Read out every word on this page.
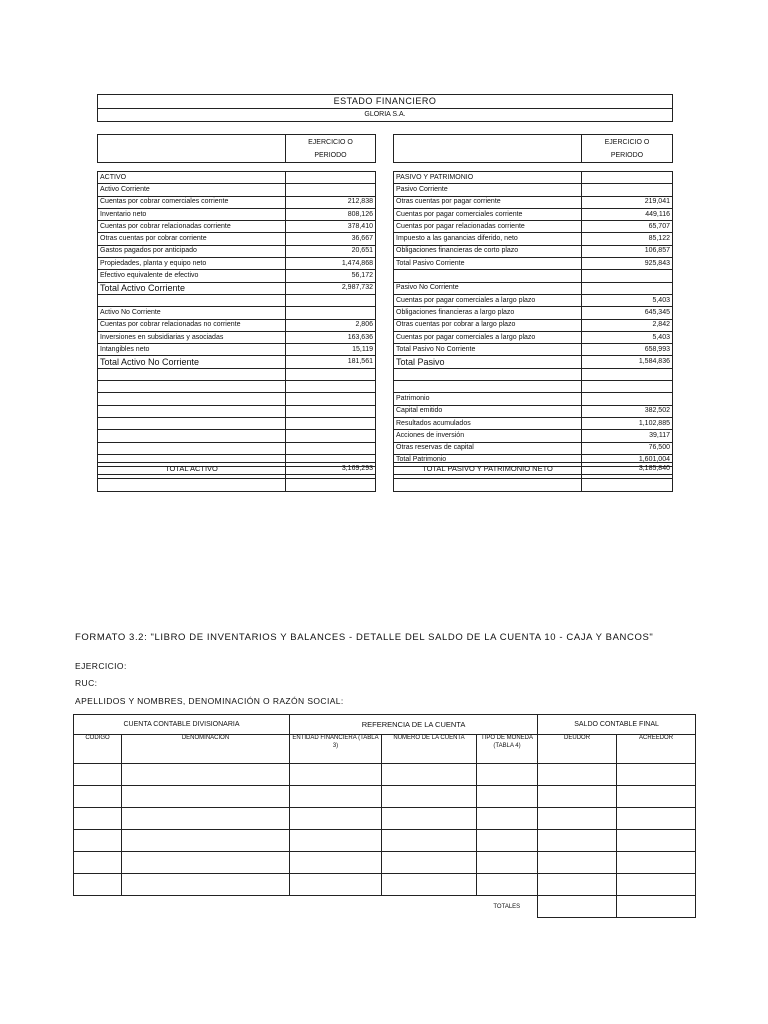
ESTADO FINANCIERO
GLORIA S.A.
	EJERCICIO O
PERIODO
	EJERCICIO O
PERIODO
ACTIVO	
Activo Corriente	
Cuentas por cobrar comerciales corriente	212,838
Inventario neto	808,126
Cuentas por cobrar relacionadas corriente	378,410
Otras cuentas por cobrar corriente	36,667
Gastos pagados por anticipado	20,651
Propiedades, planta y equipo neto	1,474,868
Efectivo equivalente de efectivo	56,172
Total Activo Corriente	2,987,732

Activo No Corriente	
Cuentas por cobrar relacionadas no corriente	2,806
Inversiones en subsidiarias y asociadas	163,636
Intangibles neto	15,119
Total Activo No Corriente	181,561

PASIVO Y PATRIMONIO	
Pasivo Corriente	
Otras cuentas por pagar corriente	219,041
Cuentas por pagar comerciales corriente	449,116
Cuentas por pagar relacionadas corriente	65,707
Impuesto a las ganancias diferido, neto	85,122
Obligaciones financieras de corto plazo	106,857
Total Pasivo Corriente	925,843

Pasivo No Corriente	
Cuentas por pagar comerciales a largo plazo	5,403
Obligaciones financieras a largo plazo	645,345
Otras cuentas por cobrar a largo plazo	2,842
Cuentas por pagar comerciales a largo plazo	5,403
Total Pasivo No Corriente	658,993
Total Pasivo	1,584,836

Patrimonio	
Capital emitido	382,502
Resultados acumulados	1,102,885
Acciones de inversión	39,117
Otras reservas de capital	76,500
Total Patrimonio	1,601,004

TOTAL ACTIVO	3,169,293	TOTAL PASIVO Y PATRIMONIO NETO	3,185,840
FORMATO 3.2: "LIBRO DE INVENTARIOS Y BALANCES - DETALLE DEL SALDO DE LA CUENTA 10 - CAJA Y BANCOS"
EJERCICIO:
RUC:
APELLIDOS Y NOMBRES, DENOMINACIÓN O RAZÓN SOCIAL:
CUENTA CONTABLE DIVISIONARIA		REFERENCIA DE LA CUENTA			SALDO CONTABLE FINAL	
CÓDIGO	DENOMINACIÓN	ENTIDAD FINANCIERA (TABLA 3)	NÚMERO DE LA CUENTA	TIPO DE MONEDA (TABLA 4)	DEUDOR	ACREEDOR

				TOTALES		
